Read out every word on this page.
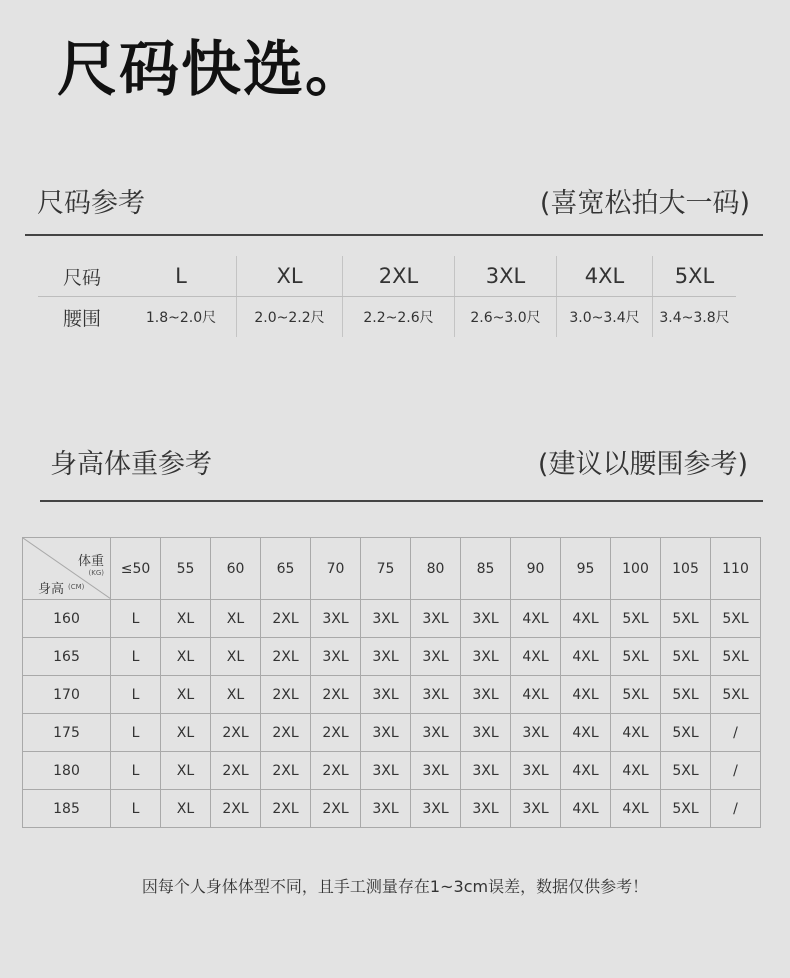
尺码快选。
尺码参考	(喜宽松拍大一码)
尺码	L	XL	2XL	3XL	4XL	5XL
腰围	1.8~2.0尺	2.0~2.2尺	2.2~2.6尺	2.6~3.0尺	3.0~3.4尺	3.4~3.8尺
身高体重参考	(建议以腰围参考)
体重
(KG)
身高 (CM)	≤50	55	60	65	70	75	80	85	90	95	100	105	110
160	L	XL	XL	2XL	3XL	3XL	3XL	3XL	4XL	4XL	5XL	5XL	5XL
165	L	XL	XL	2XL	3XL	3XL	3XL	3XL	4XL	4XL	5XL	5XL	5XL
170	L	XL	XL	2XL	2XL	3XL	3XL	3XL	4XL	4XL	5XL	5XL	5XL
175	L	XL	2XL	2XL	2XL	3XL	3XL	3XL	3XL	4XL	4XL	5XL	/
180	L	XL	2XL	2XL	2XL	3XL	3XL	3XL	3XL	4XL	4XL	5XL	/
185	L	XL	2XL	2XL	2XL	3XL	3XL	3XL	3XL	4XL	4XL	5XL	/
因每个人身体体型不同，且手工测量存在1~3cm误差，数据仅供参考！
